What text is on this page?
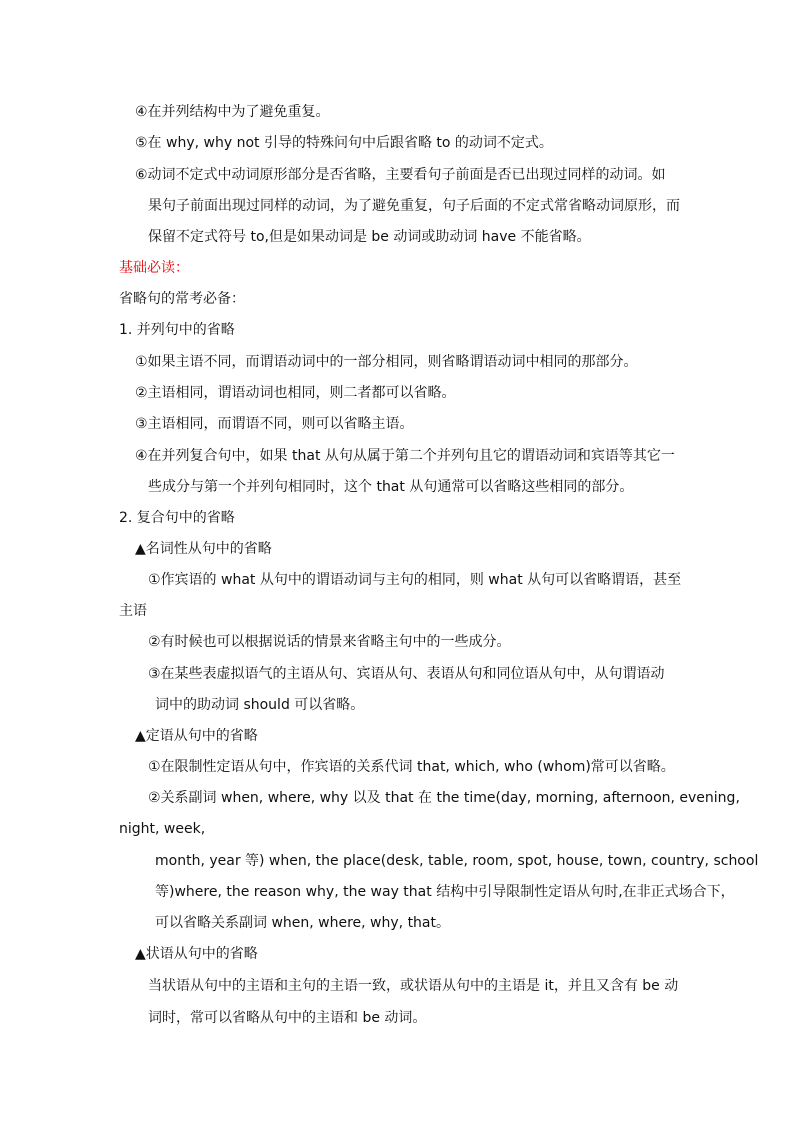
④在并列结构中为了避免重复。
⑤在 why, why not 引导的特殊问句中后跟省略 to 的动词不定式。
⑥动词不定式中动词原形部分是否省略，主要看句子前面是否已出现过同样的动词。如
果句子前面出现过同样的动词，为了避免重复，句子后面的不定式常省略动词原形，而
保留不定式符号 to,但是如果动词是 be 动词或助动词 have 不能省略。
基础必读：
省略句的常考必备：
1. 并列句中的省略
①如果主语不同，而谓语动词中的一部分相同，则省略谓语动词中相同的那部分。
②主语相同，谓语动词也相同，则二者都可以省略。
③主语相同，而谓语不同，则可以省略主语。
④在并列复合句中，如果 that 从句从属于第二个并列句且它的谓语动词和宾语等其它一
些成分与第一个并列句相同时，这个 that 从句通常可以省略这些相同的部分。
2. 复合句中的省略
▲名词性从句中的省略
①作宾语的 what 从句中的谓语动词与主句的相同，则 what 从句可以省略谓语，甚至
主语
②有时候也可以根据说话的情景来省略主句中的一些成分。
③在某些表虚拟语气的主语从句、宾语从句、表语从句和同位语从句中，从句谓语动
词中的助动词 should 可以省略。
▲定语从句中的省略
①在限制性定语从句中，作宾语的关系代词 that, which, who (whom)常可以省略。
②关系副词 when, where, why 以及 that 在 the time(day, morning, afternoon, evening,
night, week,
month, year 等) when, the place(desk, table, room, spot, house, town, country, school
等)where, the reason why, the way that 结构中引导限制性定语从句时,在非正式场合下，
可以省略关系副词 when, where, why, that。
▲状语从句中的省略
当状语从句中的主语和主句的主语一致，或状语从句中的主语是 it，并且又含有 be 动
词时，常可以省略从句中的主语和 be 动词。
